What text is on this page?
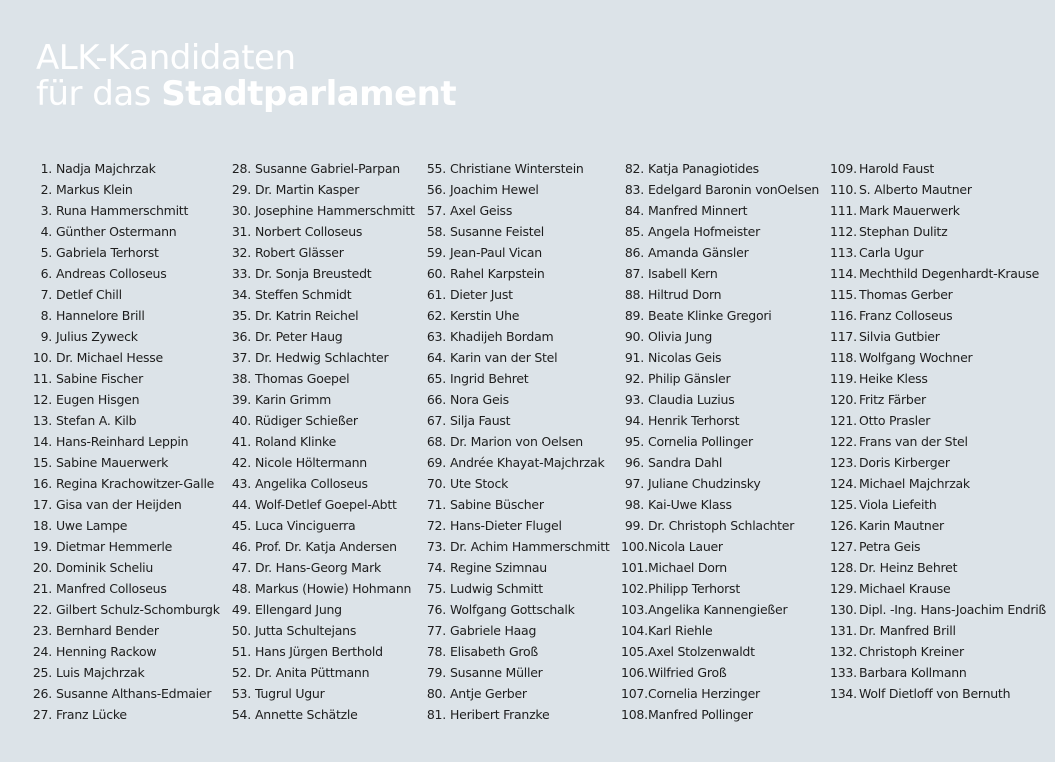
ALK-Kandidaten
für das Stadtparlament
1. Nadja Majchrzak
2. Markus Klein
3. Runa Hammerschmitt
4. Günther Ostermann
5. Gabriela Terhorst
6. Andreas Colloseus
7. Detlef Chill
8. Hannelore Brill
9. Julius Zyweck
10. Dr. Michael Hesse
11. Sabine Fischer
12. Eugen Hisgen
13. Stefan A. Kilb
14. Hans-Reinhard Leppin
15. Sabine Mauerwerk
16. Regina Krachowitzer-Galle
17. Gisa van der Heijden
18. Uwe Lampe
19. Dietmar Hemmerle
20. Dominik Scheliu
21. Manfred Colloseus
22. Gilbert Schulz-Schomburgk
23. Bernhard Bender
24. Henning Rackow
25. Luis Majchrzak
26. Susanne Althans-Edmaier
27. Franz Lücke
28. Susanne Gabriel-Parpan
29. Dr. Martin Kasper
30. Josephine Hammerschmitt
31. Norbert Colloseus
32. Robert Glässer
33. Dr. Sonja Breustedt
34. Steffen Schmidt
35. Dr. Katrin Reichel
36. Dr. Peter Haug
37. Dr. Hedwig Schlachter
38. Thomas Goepel
39. Karin Grimm
40. Rüdiger Schießer
41. Roland Klinke
42. Nicole Höltermann
43. Angelika Colloseus
44. Wolf-Detlef Goepel-Abtt
45. Luca Vinciguerra
46. Prof. Dr. Katja Andersen
47. Dr. Hans-Georg Mark
48. Markus (Howie) Hohmann
49. Ellengard Jung
50. Jutta Schultejans
51. Hans Jürgen Berthold
52. Dr. Anita Püttmann
53. Tugrul Ugur
54. Annette Schätzle
55. Christiane Winterstein
56. Joachim Hewel
57. Axel Geiss
58. Susanne Feistel
59. Jean-Paul Vican
60. Rahel Karpstein
61. Dieter Just
62. Kerstin Uhe
63. Khadijeh Bordam
64. Karin van der Stel
65. Ingrid Behret
66. Nora Geis
67. Silja Faust
68. Dr. Marion von Oelsen
69. Andrée Khayat-Majchrzak
70. Ute Stock
71. Sabine Büscher
72. Hans-Dieter Flugel
73. Dr. Achim Hammerschmitt
74. Regine Szimnau
75. Ludwig Schmitt
76. Wolfgang Gottschalk
77. Gabriele Haag
78. Elisabeth Groß
79. Susanne Müller
80. Antje Gerber
81. Heribert Franzke
82. Katja Panagiotides
83. Edelgard Baronin vonOelsen
84. Manfred Minnert
85. Angela Hofmeister
86. Amanda Gänsler
87. Isabell Kern
88. Hiltrud Dorn
89. Beate Klinke Gregori
90. Olivia Jung
91. Nicolas Geis
92. Philip Gänsler
93. Claudia Luzius
94. Henrik Terhorst
95. Cornelia Pollinger
96. Sandra Dahl
97. Juliane Chudzinsky
98. Kai-Uwe Klass
99. Dr. Christoph Schlachter
100.Nicola Lauer
101.Michael Dorn
102.Philipp Terhorst
103.Angelika Kannengießer
104.Karl Riehle
105.Axel Stolzenwaldt
106.Wilfried Groß
107.Cornelia Herzinger
108.Manfred Pollinger
109. Harold Faust
110. S. Alberto Mautner
111. Mark Mauerwerk
112. Stephan Dulitz
113. Carla Ugur
114. Mechthild Degenhardt-Krause
115. Thomas Gerber
116. Franz Colloseus
117. Silvia Gutbier
118. Wolfgang Wochner
119. Heike Kless
120. Fritz Färber
121. Otto Prasler
122. Frans van der Stel
123. Doris Kirberger
124. Michael Majchrzak
125. Viola Liefeith
126. Karin Mautner
127. Petra Geis
128. Dr. Heinz Behret
129. Michael Krause
130. Dipl. -Ing. Hans-Joachim Endriß
131. Dr. Manfred Brill
132. Christoph Kreiner
133. Barbara Kollmann
134. Wolf Dietloff von Bernuth
